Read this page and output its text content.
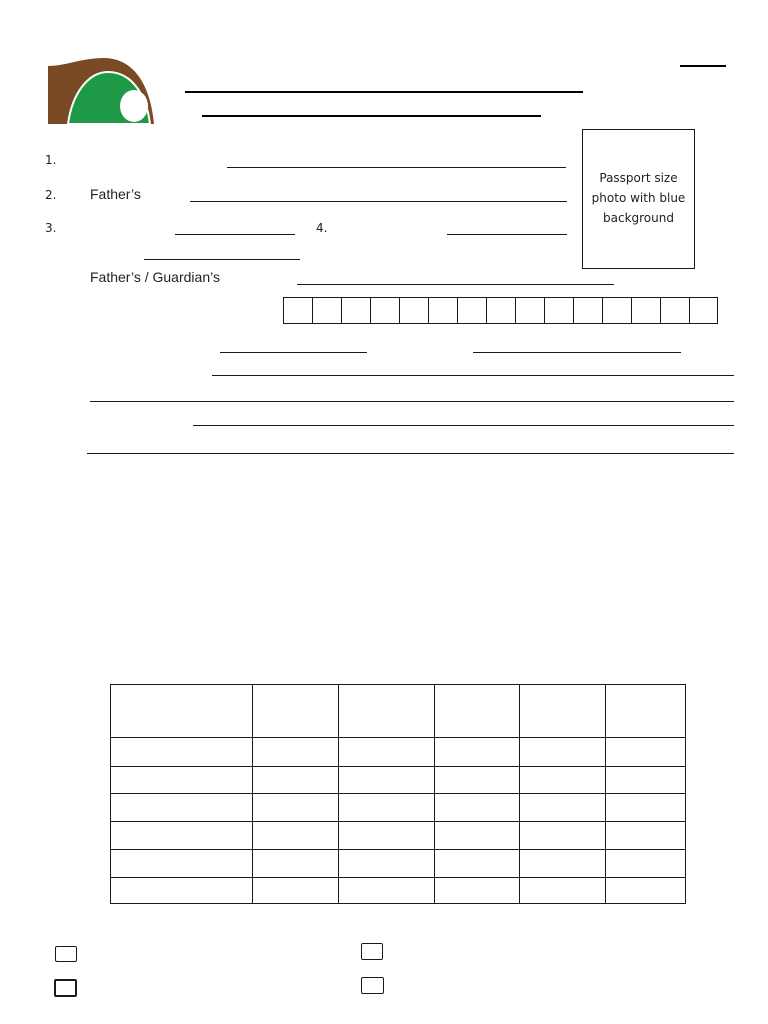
1.
2. Father’s
3.	4.
Father’s / Guardian’s
Passport size
photo with blue
background
